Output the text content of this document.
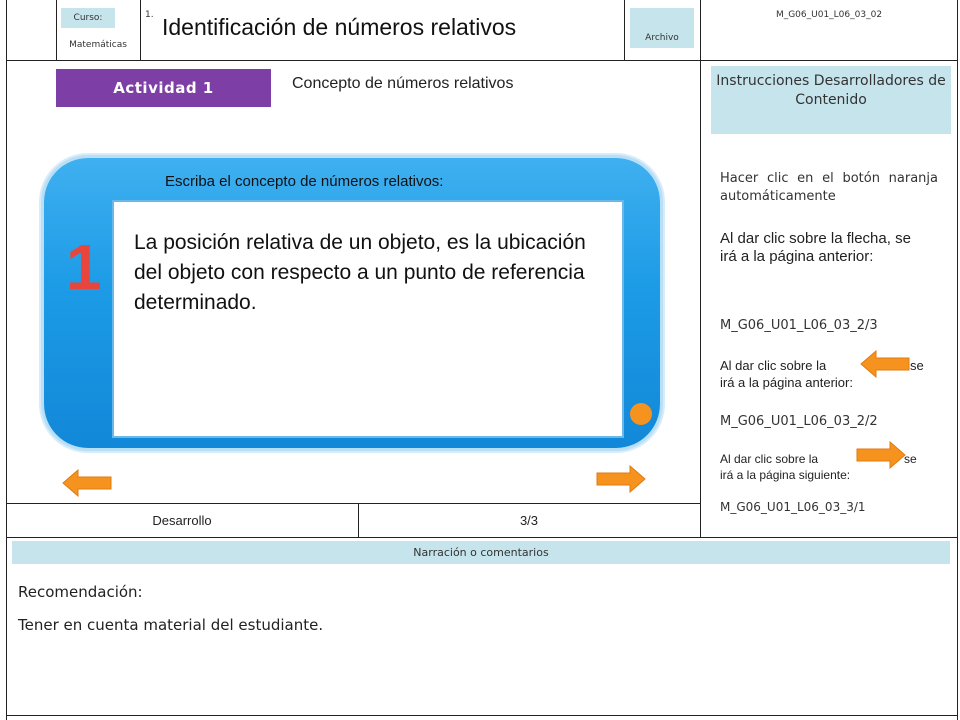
Curso:
Matemáticas
1. Identificación de números relativos	Archivo
M_G06_U01_L06_03_02
Actividad 1	Concepto de números relativos
Escriba el concepto de números relativos:
1 La posición relativa de un objeto, es la ubicación del objeto con respecto a un punto de referencia determinado.
Desarrollo	3/3
Instrucciones Desarrolladores de Contenido
Hacer clic en el botón naranja automáticamente
Al dar clic sobre la flecha, se
irá a la página anterior:
M_G06_U01_L06_03_2/3
Al dar clic sobre la	se
irá a la página anterior:
M_G06_U01_L06_03_2/2
Al dar clic sobre la	se
irá a la página siguiente:
M_G06_U01_L06_03_3/1
Narración o comentarios
Recomendación:
Tener en cuenta material del estudiante.
